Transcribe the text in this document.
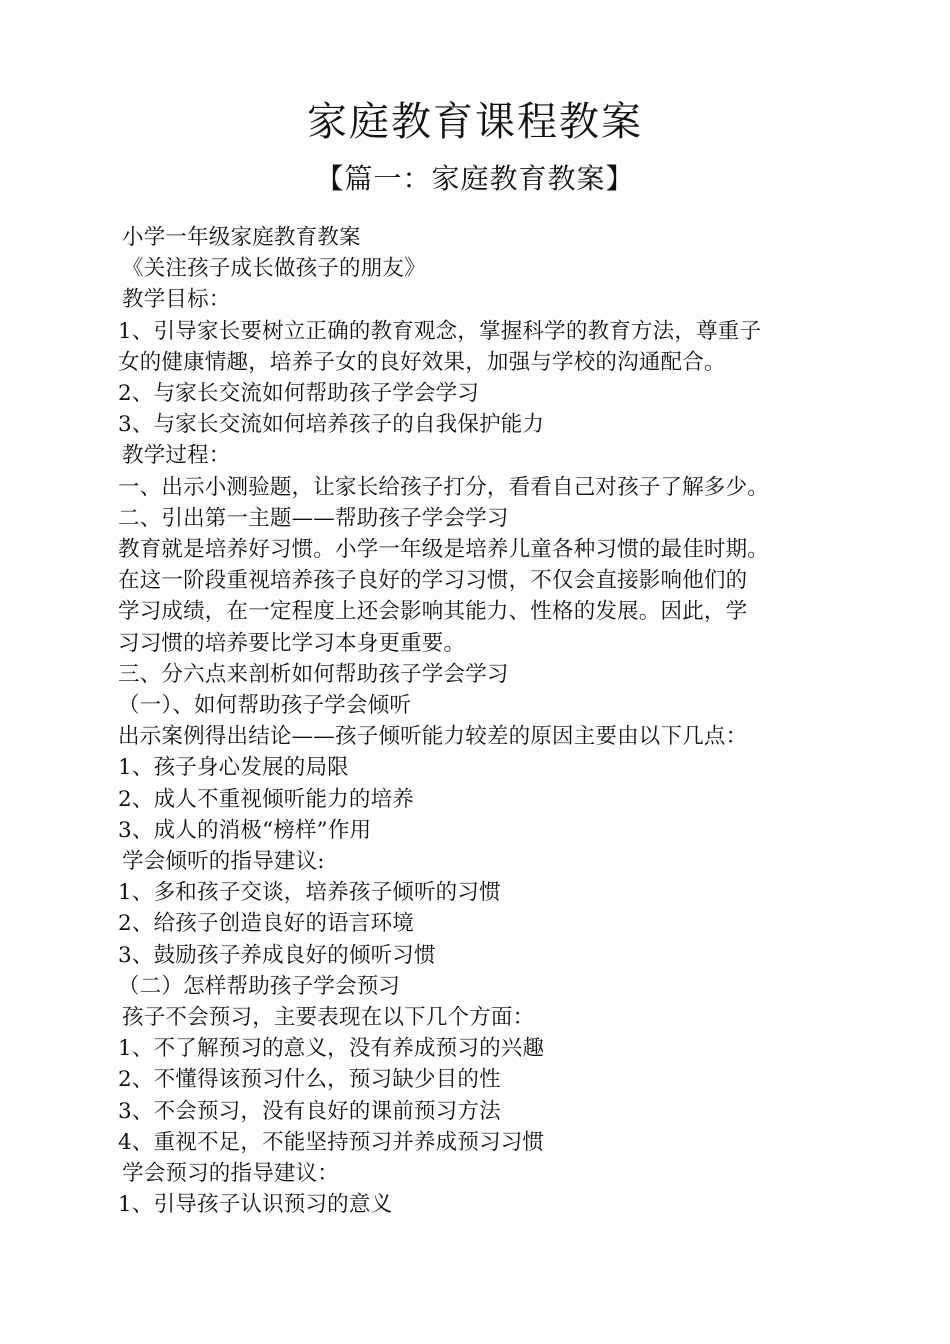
家庭教育课程教案
【篇一：家庭教育教案】
小学一年级家庭教育教案
《关注孩子成长做孩子的朋友》
教学目标：
1、引导家长要树立正确的教育观念，掌握科学的教育方法，尊重子
女的健康情趣，培养子女的良好效果，加强与学校的沟通配合。
2、与家长交流如何帮助孩子学会学习
3、与家长交流如何培养孩子的自我保护能力
教学过程：
一、出示小测验题，让家长给孩子打分，看看自己对孩子了解多少。
二、引出第一主题——帮助孩子学会学习
教育就是培养好习惯。小学一年级是培养儿童各种习惯的最佳时期。
在这一阶段重视培养孩子良好的学习习惯，不仅会直接影响他们的
学习成绩，在一定程度上还会影响其能力、性格的发展。因此，学
习习惯的培养要比学习本身更重要。
三、分六点来剖析如何帮助孩子学会学习
（一）、如何帮助孩子学会倾听
出示案例得出结论——孩子倾听能力较差的原因主要由以下几点：
1、孩子身心发展的局限
2、成人不重视倾听能力的培养
3、成人的消极“榜样”作用
学会倾听的指导建议:
1、多和孩子交谈，培养孩子倾听的习惯
2、给孩子创造良好的语言环境
3、鼓励孩子养成良好的倾听习惯
（二）怎样帮助孩子学会预习
孩子不会预习，主要表现在以下几个方面：
1、不了解预习的意义，没有养成预习的兴趣
2、不懂得该预习什么，预习缺少目的性
3、不会预习，没有良好的课前预习方法
4、重视不足，不能坚持预习并养成预习习惯
学会预习的指导建议：
1、引导孩子认识预习的意义
